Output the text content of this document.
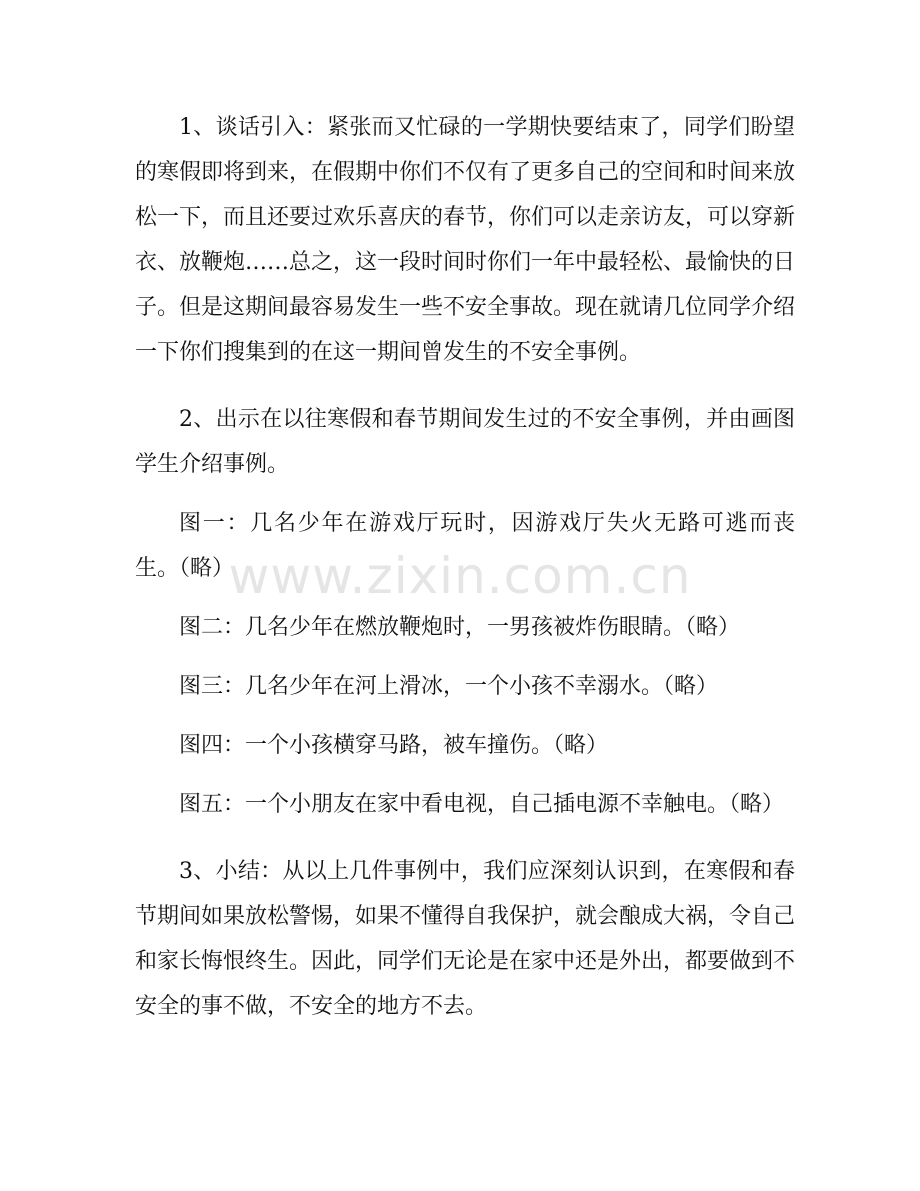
1、谈话引入：紧张而又忙碌的一学期快要结束了，同学们盼望的寒假即将到来，在假期中你们不仅有了更多自己的空间和时间来放松一下，而且还要过欢乐喜庆的春节，你们可以走亲访友，可以穿新衣、放鞭炮……总之，这一段时间时你们一年中最轻松、最愉快的日子。但是这期间最容易发生一些不安全事故。现在就请几位同学介绍一下你们搜集到的在这一期间曾发生的不安全事例。

2、出示在以往寒假和春节期间发生过的不安全事例，并由画图学生介绍事例。

图一：几名少年在游戏厅玩时，因游戏厅失火无路可逃而丧生。（略）

图二：几名少年在燃放鞭炮时，一男孩被炸伤眼睛。（略）

图三：几名少年在河上滑冰，一个小孩不幸溺水。（略）

图四：一个小孩横穿马路，被车撞伤。（略）

图五：一个小朋友在家中看电视，自己插电源不幸触电。（略）

3、小结：从以上几件事例中，我们应深刻认识到，在寒假和春节期间如果放松警惕，如果不懂得自我保护，就会酿成大祸，令自己和家长悔恨终生。因此，同学们无论是在家中还是外出，都要做到不安全的事不做，不安全的地方不去。

www.zixin.com.cn
